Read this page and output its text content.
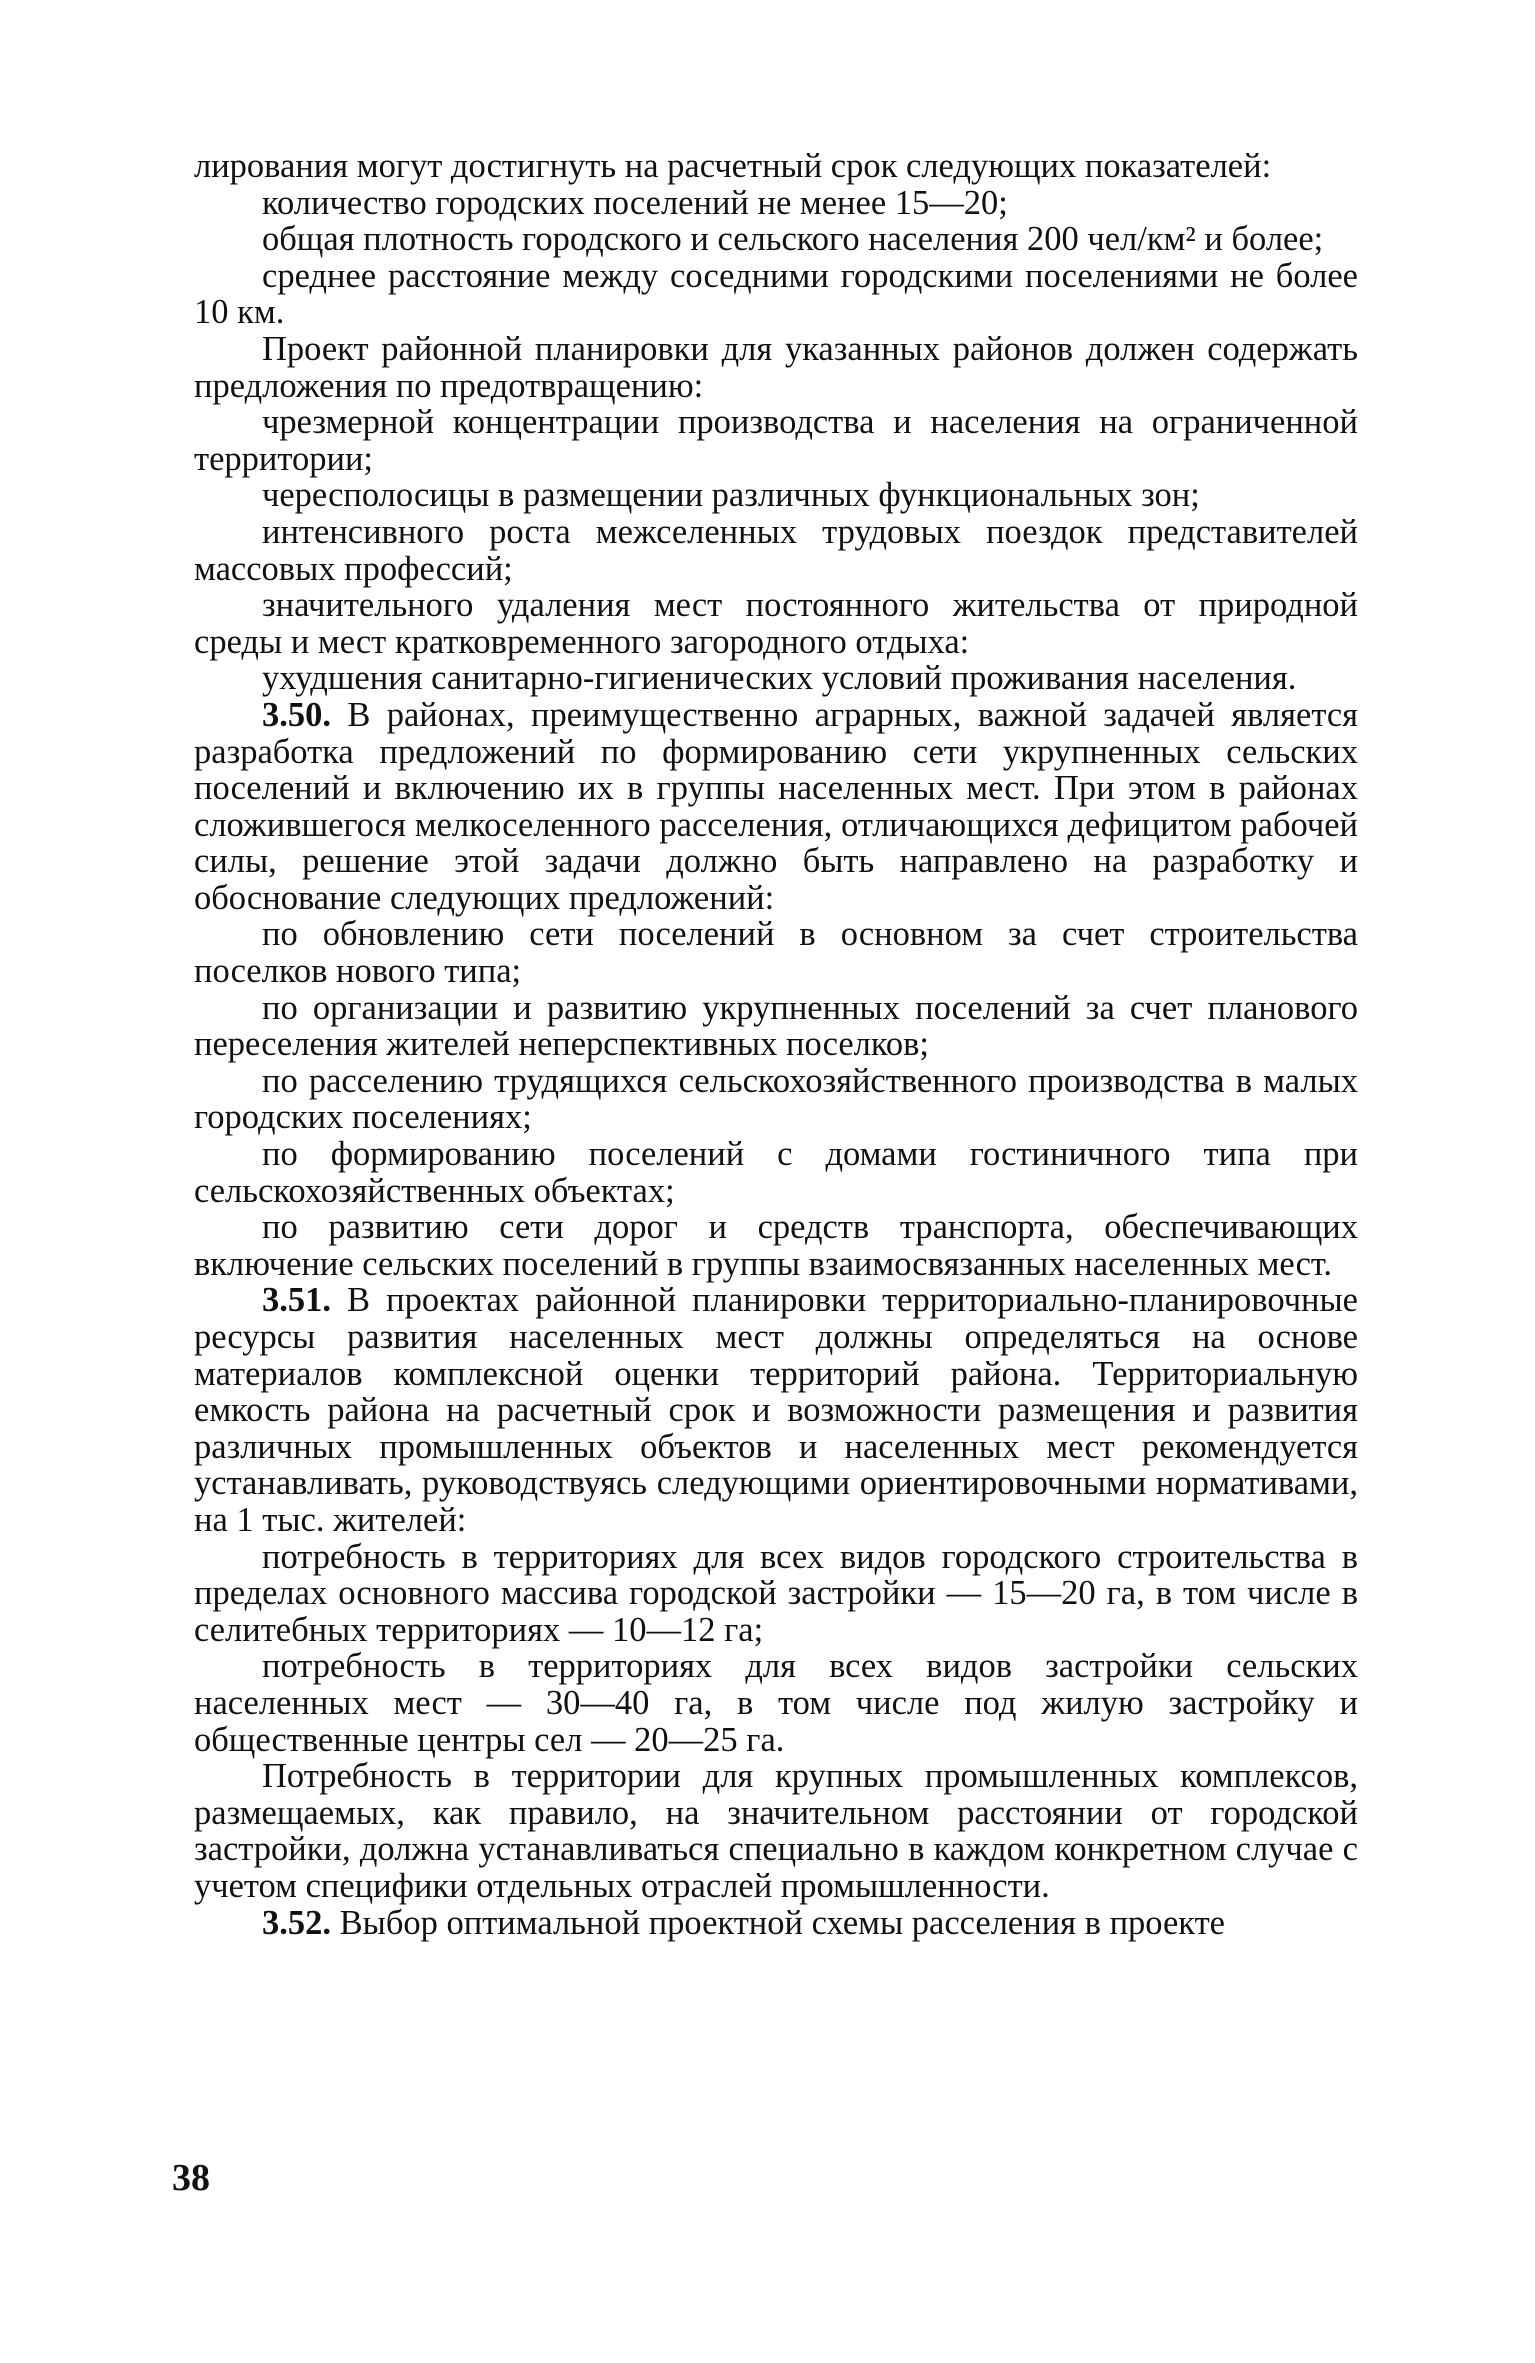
лирования могут достигнуть на расчетный срок следующих показателей:

количество городских поселений не менее 15—20;

общая плотность городского и сельского населения 200 чел/км² и более;

среднее расстояние между соседними городскими поселениями не более 10 км.

Проект районной планировки для указанных районов должен содержать предложения по предотвращению:

чрезмерной концентрации производства и населения на ограниченной территории;

чересполосицы в размещении различных функциональных зон;

интенсивного роста межселенных трудовых поездок представителей массовых профессий;

значительного удаления мест постоянного жительства от природной среды и мест кратковременного загородного отдыха:

ухудшения санитарно-гигиенических условий проживания населения.

3.50. В районах, преимущественно аграрных, важной задачей является разработка предложений по формированию сети укрупненных сельских поселений и включению их в группы населенных мест. При этом в районах сложившегося мелкоселенного расселения, отличающихся дефицитом рабочей силы, решение этой задачи должно быть направлено на разработку и обоснование следующих предложений:

по обновлению сети поселений в основном за счет строительства поселков нового типа;

по организации и развитию укрупненных поселений за счет планового переселения жителей неперспективных поселков;

по расселению трудящихся сельскохозяйственного производства в малых городских поселениях;

по формированию поселений с домами гостиничного типа при сельскохозяйственных объектах;

по развитию сети дорог и средств транспорта, обеспечивающих включение сельских поселений в группы взаимосвязанных населенных мест.

3.51. В проектах районной планировки территориально-планировочные ресурсы развития населенных мест должны определяться на основе материалов комплексной оценки территорий района. Территориальную емкость района на расчетный срок и возможности размещения и развития различных промышленных объектов и населенных мест рекомендуется устанавливать, руководствуясь следующими ориентировочными нормативами, на 1 тыс. жителей:

потребность в территориях для всех видов городского строительства в пределах основного массива городской застройки — 15—20 га, в том числе в селитебных территориях — 10—12 га;

потребность в территориях для всех видов застройки сельских населенных мест — 30—40 га, в том числе под жилую застройку и общественные центры сел — 20—25 га.

Потребность в территории для крупных промышленных комплексов, размещаемых, как правило, на значительном расстоянии от городской застройки, должна устанавливаться специально в каждом конкретном случае с учетом специфики отдельных отраслей промышленности.

3.52. Выбор оптимальной проектной схемы расселения в проекте

38
